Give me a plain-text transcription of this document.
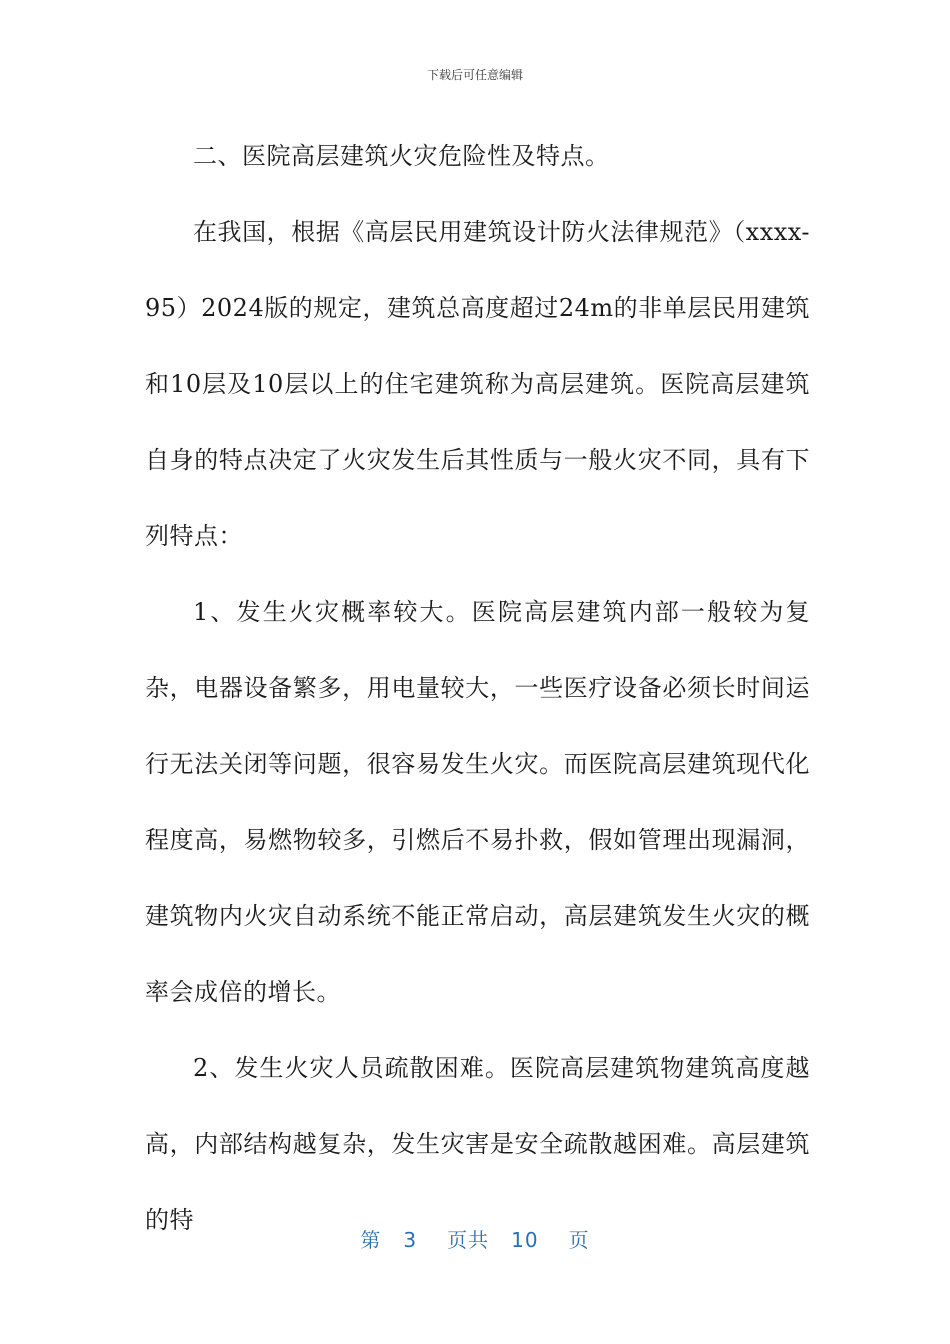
下载后可任意编辑

二、医院高层建筑火灾危险性及特点。

在我国，根据《高层民用建筑设计防火法律规范》（xxxx-95）2024版的规定，建筑总高度超过24m的非单层民用建筑和10层及10层以上的住宅建筑称为高层建筑。医院高层建筑自身的特点决定了火灾发生后其性质与一般火灾不同，具有下列特点：

1、发生火灾概率较大。医院高层建筑内部一般较为复杂，电器设备繁多，用电量较大，一些医疗设备必须长时间运行无法关闭等问题，很容易发生火灾。而医院高层建筑现代化程度高，易燃物较多，引燃后不易扑救，假如管理出现漏洞，建筑物内火灾自动系统不能正常启动，高层建筑发生火灾的概率会成倍的增长。

2、发生火灾人员疏散困难。医院高层建筑物建筑高度越高，内部结构越复杂，发生灾害是安全疏散越困难。高层建筑的特

第 3 页共 10 页
